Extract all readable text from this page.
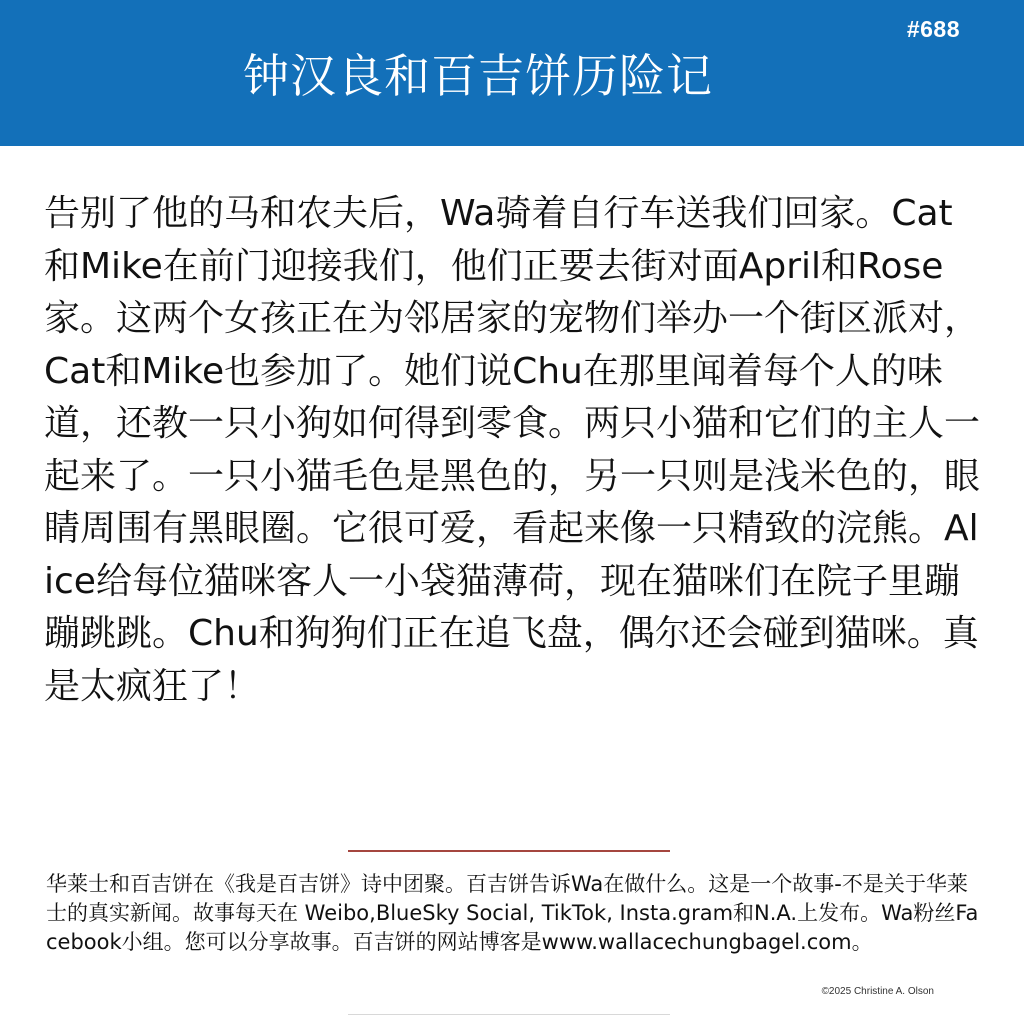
#688
钟汉良和百吉饼历险记

告别了他的马和农夫后，Wa骑着自行车送我们回家。Cat和Mike在前门迎接我们，他们正要去街对面April和Rose家。这两个女孩正在为邻居家的宠物们举办一个街区派对，Cat和Mike也参加了。她们说Chu在那里闻着每个人的味道，还教一只小狗如何得到零食。两只小猫和它们的主人一起来了。一只小猫毛色是黑色的，另一只则是浅米色的，眼睛周围有黑眼圈。它很可爱，看起来像一只精致的浣熊。Alice给每位猫咪客人一小袋猫薄荷，现在猫咪们在院子里蹦蹦跳跳。Chu和狗狗们正在追飞盘，偶尔还会碰到猫咪。真是太疯狂了！

华莱士和百吉饼在《我是百吉饼》诗中团聚。百吉饼告诉Wa在做什么。这是一个故事-不是关于华莱士的真实新闻。故事每天在 Weibo,BlueSky Social, TikTok, Insta.gram和N.A.上发布。Wa粉丝Facebook小组。您可以分享故事。百吉饼的网站博客是www.wallacechungbagel.com。

©2025 Christine A. Olson
